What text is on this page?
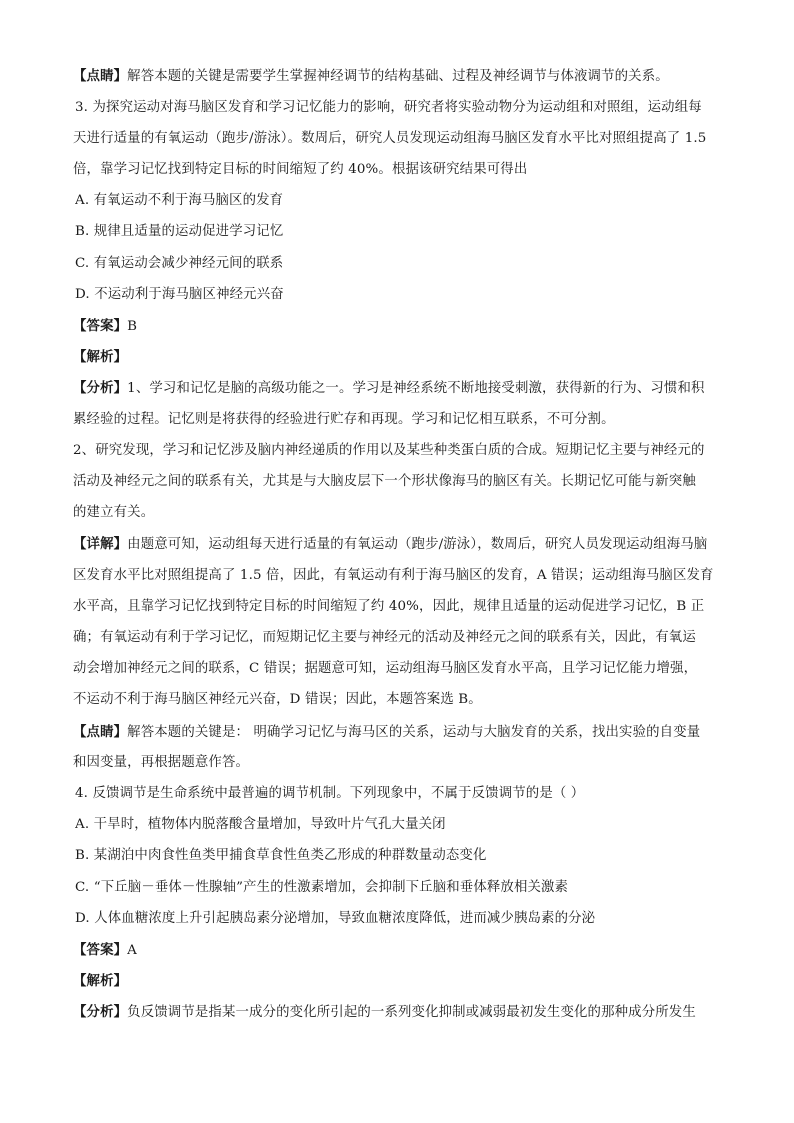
【点睛】解答本题的关键是需要学生掌握神经调节的结构基础、过程及神经调节与体液调节的关系。
3. 为探究运动对海马脑区发育和学习记忆能力的影响，研究者将实验动物分为运动组和对照组，运动组每
天进行适量的有氧运动（跑步/游泳）。数周后，研究人员发现运动组海马脑区发育水平比对照组提高了 1.5
倍，靠学习记忆找到特定目标的时间缩短了约 40%。根据该研究结果可得出
A. 有氧运动不利于海马脑区的发育
B. 规律且适量的运动促进学习记忆
C. 有氧运动会减少神经元间的联系
D. 不运动利于海马脑区神经元兴奋
【答案】B
【解析】
【分析】1、学习和记忆是脑的高级功能之一。学习是神经系统不断地接受刺激，获得新的行为、习惯和积
累经验的过程。记忆则是将获得的经验进行贮存和再现。学习和记忆相互联系，不可分割。
2、研究发现，学习和记忆涉及脑内神经递质的作用以及某些种类蛋白质的合成。短期记忆主要与神经元的
活动及神经元之间的联系有关，尤其是与大脑皮层下一个形状像海马的脑区有关。长期记忆可能与新突触
的建立有关。
【详解】由题意可知，运动组每天进行适量的有氧运动（跑步/游泳），数周后，研究人员发现运动组海马脑
区发育水平比对照组提高了 1.5 倍，因此，有氧运动有利于海马脑区的发育，A 错误；运动组海马脑区发育
水平高，且靠学习记忆找到特定目标的时间缩短了约 40%，因此，规律且适量的运动促进学习记忆，B 正
确；有氧运动有利于学习记忆，而短期记忆主要与神经元的活动及神经元之间的联系有关，因此，有氧运
动会增加神经元之间的联系，C 错误；据题意可知，运动组海马脑区发育水平高，且学习记忆能力增强，
不运动不利于海马脑区神经元兴奋，D 错误；因此，本题答案选 B。
【点睛】解答本题的关键是： 明确学习记忆与海马区的关系，运动与大脑发育的关系，找出实验的自变量
和因变量，再根据题意作答。
4. 反馈调节是生命系统中最普遍的调节机制。下列现象中，不属于反馈调节的是（ ）
A. 干旱时，植物体内脱落酸含量增加，导致叶片气孔大量关闭
B. 某湖泊中肉食性鱼类甲捕食草食性鱼类乙形成的种群数量动态变化
C. “下丘脑－垂体－性腺轴”产生的性激素增加，会抑制下丘脑和垂体释放相关激素
D. 人体血糖浓度上升引起胰岛素分泌增加，导致血糖浓度降低，进而减少胰岛素的分泌
【答案】A
【解析】
【分析】负反馈调节是指某一成分的变化所引起的一系列变化抑制或减弱最初发生变化的那种成分所发生
